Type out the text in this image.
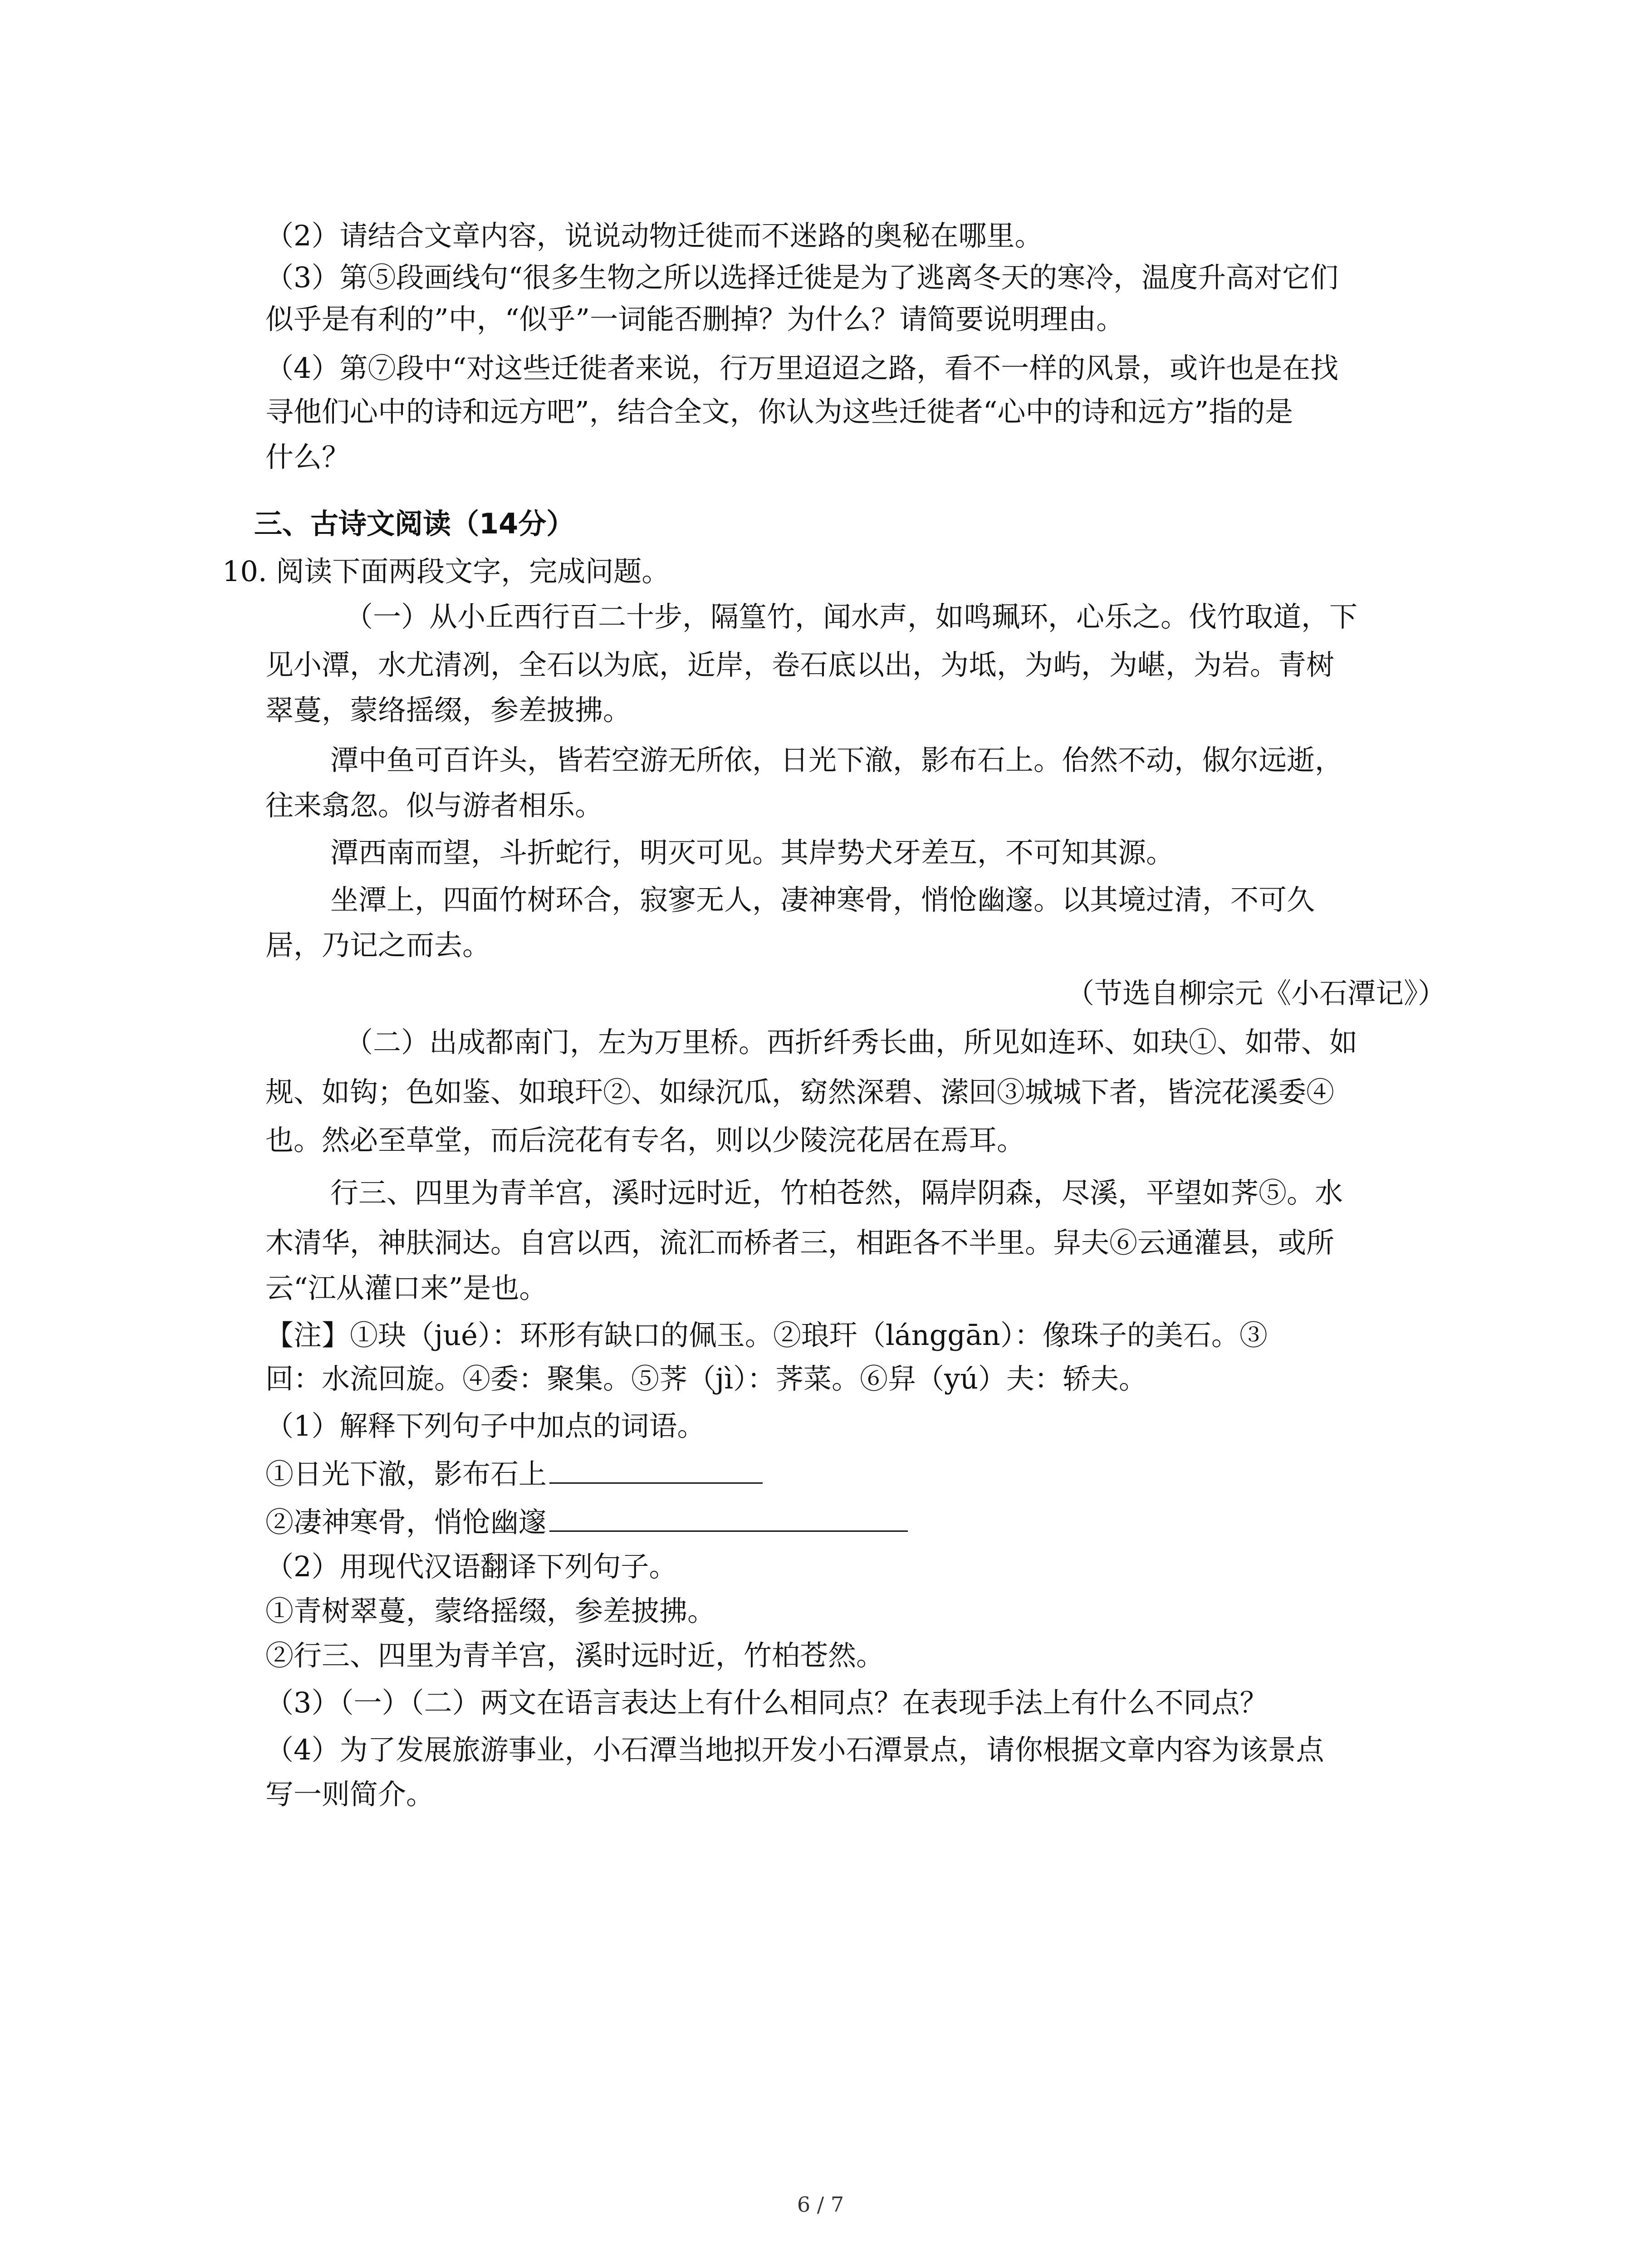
（2）请结合文章内容，说说动物迁徙而不迷路的奥秘在哪里。
（3）第⑤段画线句“很多生物之所以选择迁徙是为了逃离冬天的寒冷，温度升高对它们
似乎是有利的”中，“似乎”一词能否删掉？为什么？请简要说明理由。
（4）第⑦段中“对这些迁徙者来说，行万里迢迢之路，看不一样的风景，或许也是在找
寻他们心中的诗和远方吧”，结合全文，你认为这些迁徙者“心中的诗和远方”指的是
什么？
三、古诗文阅读（14分）
10. 阅读下面两段文字，完成问题。
（一）从小丘西行百二十步，隔篁竹，闻水声，如鸣珮环，心乐之。伐竹取道，下
见小潭，水尤清冽，全石以为底，近岸，卷石底以出，为坻，为屿，为嵁，为岩。青树
翠蔓，蒙络摇缀，参差披拂。
潭中鱼可百许头，皆若空游无所依，日光下澈，影布石上。佁然不动，俶尔远逝，
往来翕忽。似与游者相乐。
潭西南而望，斗折蛇行，明灭可见。其岸势犬牙差互，不可知其源。
坐潭上，四面竹树环合，寂寥无人，凄神寒骨，悄怆幽邃。以其境过清，不可久
居，乃记之而去。
（节选自柳宗元《小石潭记》）
（二）出成都南门，左为万里桥。西折纤秀长曲，所见如连环、如玦①、如带、如
规、如钩；色如鉴、如琅玕②、如绿沉瓜，窈然深碧、潆回③城城下者，皆浣花溪委④
也。然必至草堂，而后浣花有专名，则以少陵浣花居在焉耳。
行三、四里为青羊宫，溪时远时近，竹柏苍然，隔岸阴森，尽溪，平望如荠⑤。水
木清华，神肤洞达。自宫以西，流汇而桥者三，相距各不半里。舁夫⑥云通灌县，或所
云“江从灌口来”是也。
【注】①玦（jué）：环形有缺口的佩玉。②琅玕（lánggān）：像珠子的美石。③
回：水流回旋。④委：聚集。⑤荠（jì）：荠菜。⑥舁（yú）夫：轿夫。
（1）解释下列句子中加点的词语。
①日光下澈，影布石上
②凄神寒骨，悄怆幽邃
（2）用现代汉语翻译下列句子。
①青树翠蔓，蒙络摇缀，参差披拂。
②行三、四里为青羊宫，溪时远时近，竹柏苍然。
（3）（一）（二）两文在语言表达上有什么相同点？在表现手法上有什么不同点？
（4）为了发展旅游事业，小石潭当地拟开发小石潭景点，请你根据文章内容为该景点
写一则简介。
6 / 7
